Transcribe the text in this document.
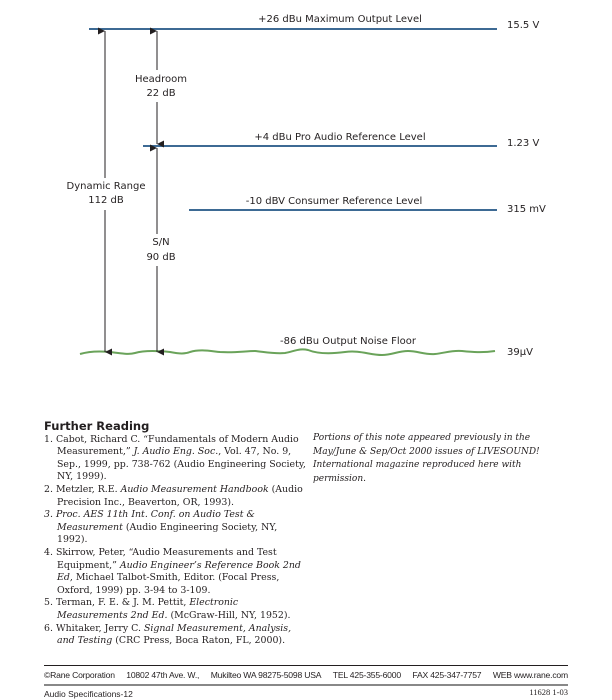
+26 dBu Maximum Output Level
15.5 V
+4 dBu Pro Audio Reference Level
1.23 V
-10 dBV Consumer Reference Level
315 mV
-86 dBu Output Noise Floor
39µV
Headroom
22 dB
Dynamic Range
112 dB
S/N
90 dB
Further Reading
1. Cabot, Richard C. “Fundamentals of Modern Audio Measurement,” J. Audio Eng. Soc., Vol. 47, No. 9, Sep., 1999, pp. 738-762 (Audio Engineering Society, NY, 1999).
2. Metzler, R.E. Audio Measurement Handbook (Audio Precision Inc., Beaverton, OR, 1993).
3. Proc. AES 11th Int. Conf. on Audio Test & Measurement (Audio Engineering Society, NY, 1992).
4. Skirrow, Peter, “Audio Measurements and Test Equipment,” Audio Engineer’s Reference Book 2nd Ed, Michael Talbot-Smith, Editor. (Focal Press, Oxford, 1999) pp. 3-94 to 3-109.
5. Terman, F. E. & J. M. Pettit, Electronic Measurements 2nd Ed. (McGraw-Hill, NY, 1952).
6. Whitaker, Jerry C. Signal Measurement, Analysis, and Testing (CRC Press, Boca Raton, FL, 2000).
Portions of this note appeared previously in the May/June & Sep/Oct 2000 issues of LIVESOUND! International magazine reproduced here with permission.
©Rane Corporation 10802 47th Ave. W., Mukilteo WA 98275-5098 USA TEL 425-355-6000 FAX 425-347-7757 WEB www.rane.com
Audio Specifications-12	11628 1-03
